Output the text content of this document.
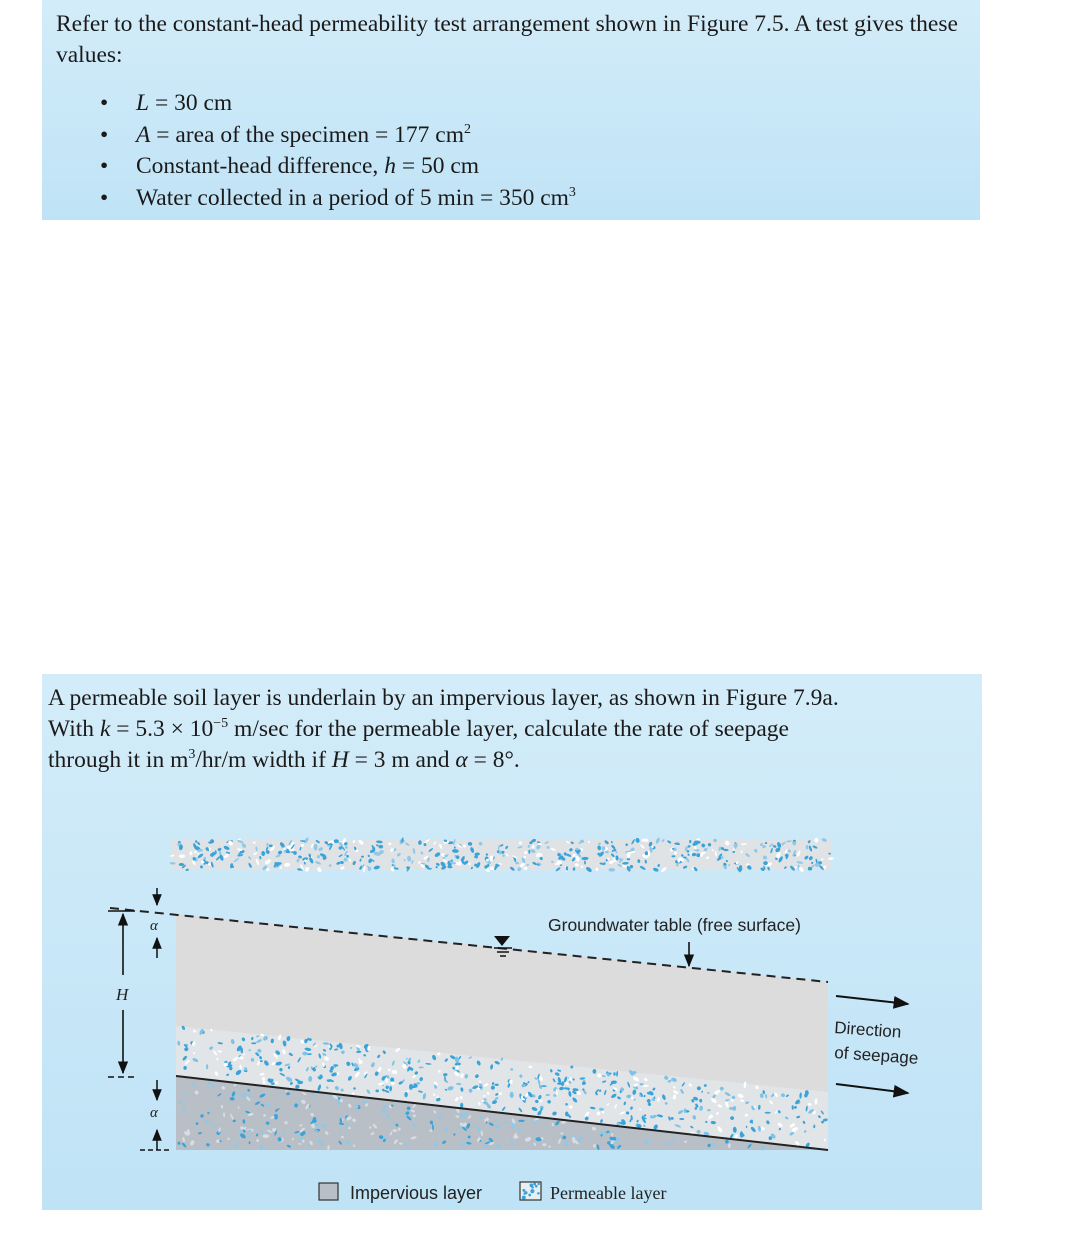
Refer to the constant-head permeability test arrangement shown in Figure 7.5. A test gives these values:
• L = 30 cm
• A = area of the specimen = 177 $cm^2$
• Constant-head difference, h = 50 cm
• Water collected in a period of 5 min = 350 $cm^3$
A permeable soil layer is underlain by an impervious layer, as shown in Figure 7.9a.
With $k = 5.3 \times 10^{-5}$ m/sec for the permeable layer, calculate the rate of seepage
through it in $m^3/hr/m$ width if H = 3 m and α = 8°.
Groundwater table (free surface)
H
α
α
Direction
of seepage
Impervious layer	Permeable layer
